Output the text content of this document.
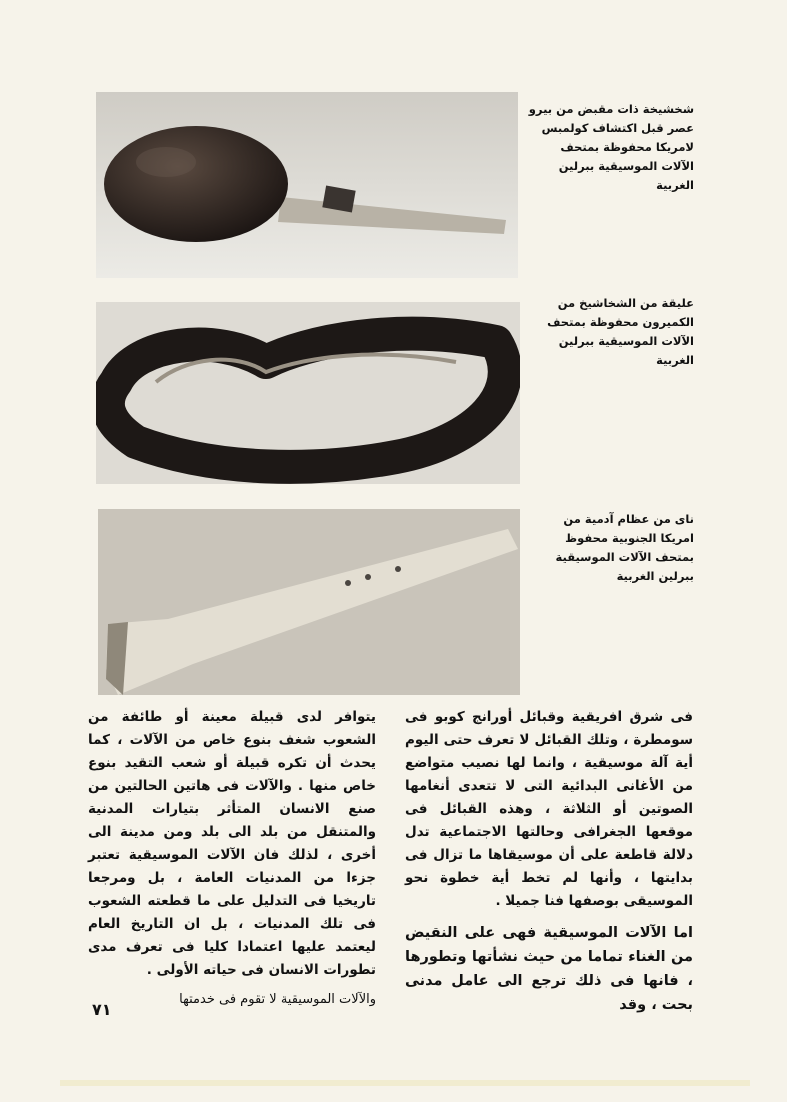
شخشيخة ذات مقبض من بيرو عصر قبل اكتشاف كولمبس لامريكا محفوظة بمتحف الآلات الموسيقية ببرلين الغربية
عليقة من الشخاشيخ من الكميرون محفوظة بمتحف الآلات الموسيقية ببرلين الغربية
ناى من عظام آدمية من امريكا الجنوبية محفوظ بمتحف الآلات الموسيقية ببرلين الغربية

فى شرق افريقية وقبائل أورانج كوبو فى سومطرة ، وتلك القبائل لا تعرف حتى اليوم أية آلة موسيقية ، وانما لها نصيب متواضع من الأغانى البدائية التى لا تتعدى أنغامها الصوتين أو الثلاثة ، وهذه القبائل فى موقعها الجغرافى وحالتها الاجتماعية تدل دلالة قاطعة على أن موسيقاها ما تزال فى بدايتها ، وأنها لم تخط أية خطوة نحو الموسيقى بوصفها فنا جميلا .

اما الآلات الموسيقية فهى على النقيض من الغناء تماما من حيث نشأتها وتطورها ، فانها فى ذلك ترجع الى عامل مدنى بحت ، وقد

يتوافر لدى قبيلة معينة أو طائفة من الشعوب شغف بنوع خاص من الآلات ، كما يحدث أن تكره قبيلة أو شعب التقيد بنوع خاص منها . والآلات فى هاتين الحالتين من صنع الانسان المتأثر بتيارات المدنية والمتنقل من بلد الى بلد ومن مدينة الى أخرى ، لذلك فان الآلات الموسيقية تعتبر جزءا من المدنيات العامة ، بل ومرجعا تاريخيا فى التدليل على ما قطعته الشعوب فى تلك المدنيات ، بل ان التاريخ العام ليعتمد عليها اعتمادا كليا فى تعرف مدى تطورات الانسان فى حياته الأولى .

والآلات الموسيقية لا تقوم فى خدمتها

٧١
